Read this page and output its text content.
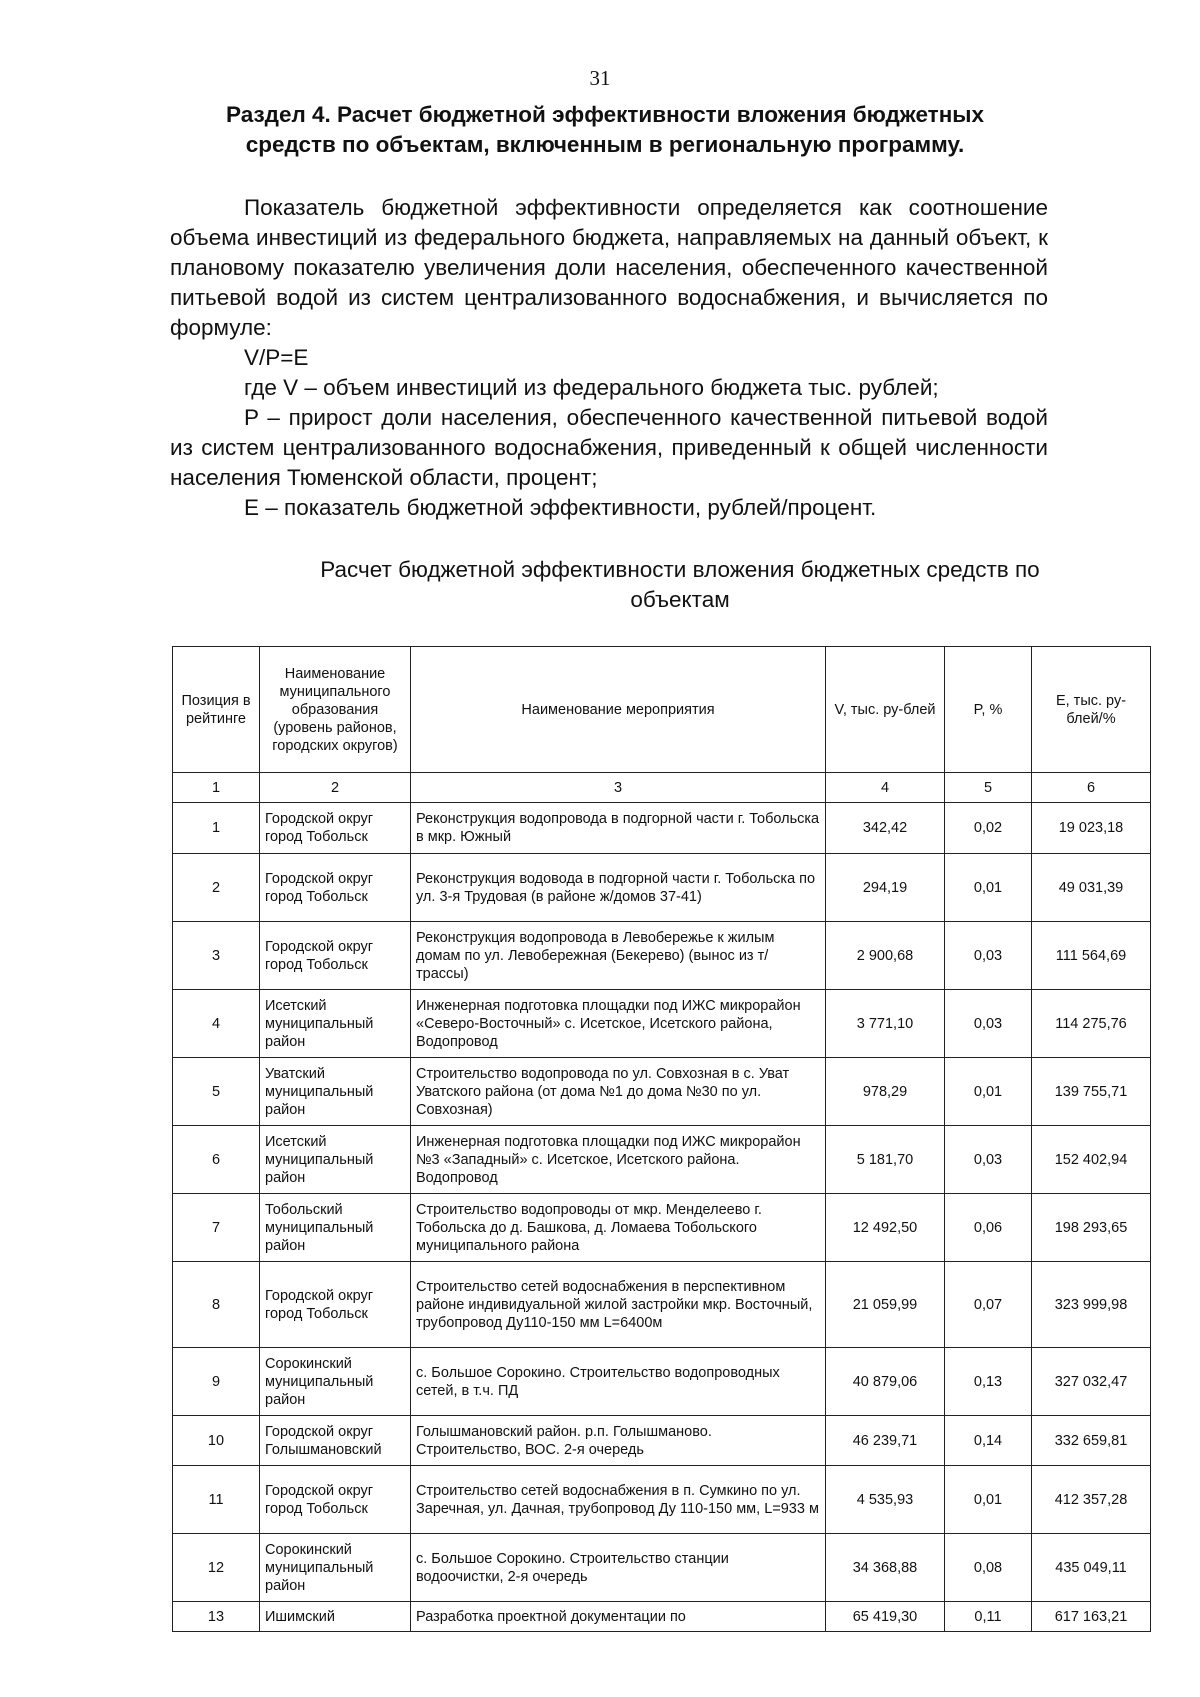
31
Раздел 4. Расчет бюджетной эффективности вложения бюджетных
средств по объектам, включенным в региональную программу.

Показатель бюджетной эффективности определяется как соотношение объема инвестиций из федерального бюджета, направляемых на данный объект, к плановому показателю увеличения доли населения, обеспеченного качественной питьевой водой из систем централизованного водоснабжения, и вычисляется по формуле:

V/P=E

где V – объем инвестиций из федерального бюджета тыс. рублей;

P – прирост доли населения, обеспеченного качественной питьевой водой из систем централизованного водоснабжения, приведенный к общей численности населения Тюменской области, процент;

E – показатель бюджетной эффективности, рублей/процент.

Расчет бюджетной эффективности вложения бюджетных средств по
объектам
Позиция в рейтинге	Наименование муниципального образования (уровень районов, городских округов)	Наименование мероприятия	V, тыс. ру-блей	P, %	E, тыс. ру-блей/%
1	2	3	4	5	6
1	Городской округ город Тобольск	Реконструкция водопровода в подгорной части г. Тобольска в мкр. Южный	342,42	0,02	19 023,18
2	Городской округ город Тобольск	Реконструкция водовода в подгорной части г. Тобольска по ул. 3-я Трудовая (в районе ж/домов 37-41)	294,19	0,01	49 031,39
3	Городской округ город Тобольск	Реконструкция водопровода в Левобережье к жилым домам по ул. Левобережная (Бекерево) (вынос из т/трассы)	2 900,68	0,03	111 564,69
4	Исетский муниципальный район	Инженерная подготовка площадки под ИЖС микрорайон «Северо-Восточный» с. Исетское, Исетского района, Водопровод	3 771,10	0,03	114 275,76
5	Уватский муниципальный район	Строительство водопровода по ул. Совхозная в с. Уват Уватского района (от дома №1 до дома №30 по ул. Совхозная)	978,29	0,01	139 755,71
6	Исетский муниципальный район	Инженерная подготовка площадки под ИЖС микрорайон №3 «Западный» с. Исетское, Исетского района. Водопровод	5 181,70	0,03	152 402,94
7	Тобольский муниципальный район	Строительство водопроводы от мкр. Менделеево г. Тобольска до д. Башкова, д. Ломаева Тобольского муниципального района	12 492,50	0,06	198 293,65
8	Городской округ город Тобольск	Строительство сетей водоснабжения в перспективном районе индивидуальной жилой застройки мкр. Восточный, трубопровод Ду110-150 мм L=6400м	21 059,99	0,07	323 999,98
9	Сорокинский муниципальный район	с. Большое Сорокино. Строительство водопроводных сетей, в т.ч. ПД	40 879,06	0,13	327 032,47
10	Городской округ Голышмановский	Голышмановский район. р.п. Голышманово. Строительство, ВОС. 2-я очередь	46 239,71	0,14	332 659,81
11	Городской округ город Тобольск	Строительство сетей водоснабжения в п. Сумкино по ул. Заречная, ул. Дачная, трубопровод Ду 110-150 мм, L=933 м	4 535,93	0,01	412 357,28
12	Сорокинский муниципальный район	с. Большое Сорокино. Строительство станции водоочистки, 2-я очередь	34 368,88	0,08	435 049,11
13	Ишимский	Разработка проектной документации по	65 419,30	0,11	617 163,21
